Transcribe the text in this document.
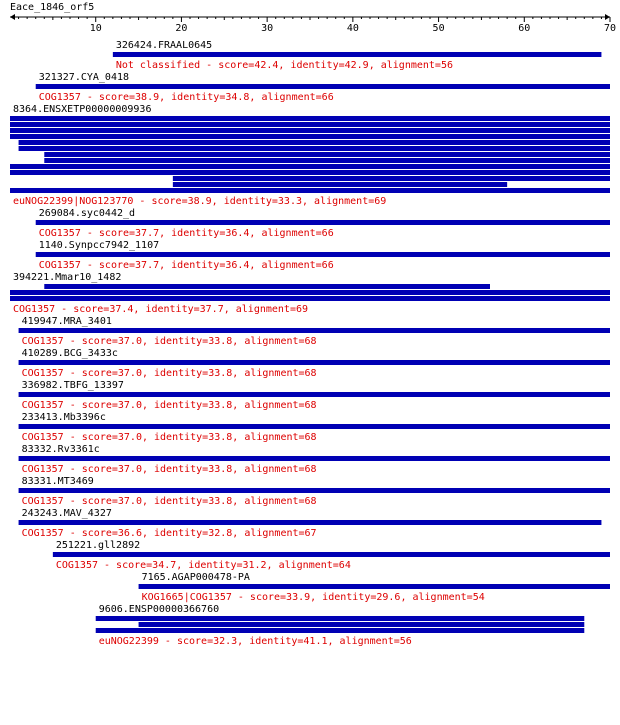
Eace_1846_orf5
10	20	30	40	50	60	70
326424.FRAAL0645
Not classified - score=42.4, identity=42.9, alignment=56
321327.CYA_0418
COG1357 - score=38.9, identity=34.8, alignment=66
8364.ENSXETP00000009936
euNOG22399|NOG123770 - score=38.9, identity=33.3, alignment=69
269084.syc0442_d
COG1357 - score=37.7, identity=36.4, alignment=66
1140.Synpcc7942_1107
COG1357 - score=37.7, identity=36.4, alignment=66
394221.Mmar10_1482
COG1357 - score=37.4, identity=37.7, alignment=69
419947.MRA_3401
COG1357 - score=37.0, identity=33.8, alignment=68
410289.BCG_3433c
COG1357 - score=37.0, identity=33.8, alignment=68
336982.TBFG_13397
COG1357 - score=37.0, identity=33.8, alignment=68
233413.Mb3396c
COG1357 - score=37.0, identity=33.8, alignment=68
83332.Rv3361c
COG1357 - score=37.0, identity=33.8, alignment=68
83331.MT3469
COG1357 - score=37.0, identity=33.8, alignment=68
243243.MAV_4327
COG1357 - score=36.6, identity=32.8, alignment=67
251221.gll2892
COG1357 - score=34.7, identity=31.2, alignment=64
7165.AGAP000478-PA
KOG1665|COG1357 - score=33.9, identity=29.6, alignment=54
9606.ENSP00000366760
euNOG22399 - score=32.3, identity=41.1, alignment=56
